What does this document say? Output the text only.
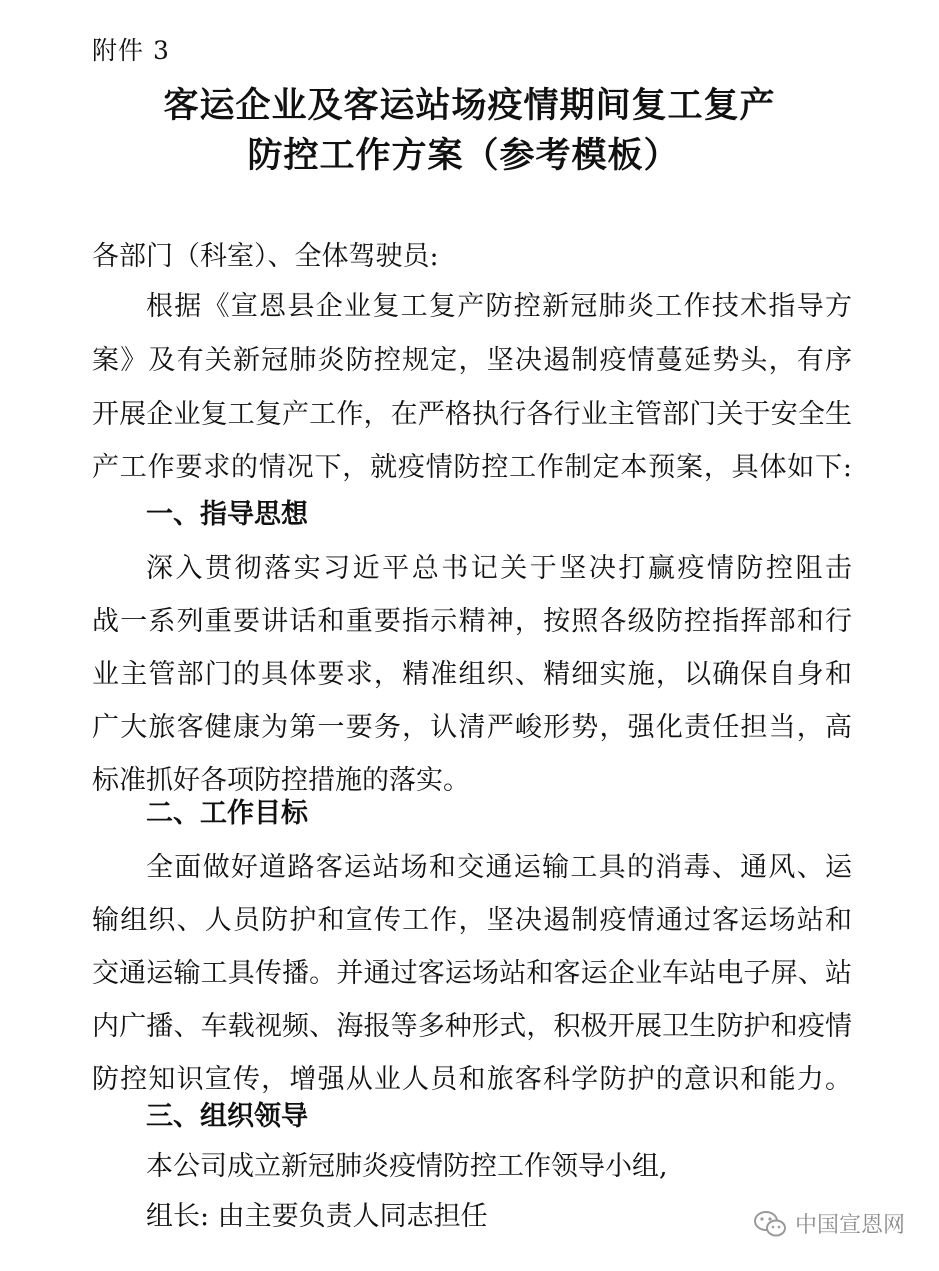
附件 3
客运企业及客运站场疫情期间复工复产
防控工作方案（参考模板）
各部门（科室）、全体驾驶员:
根据《宣恩县企业复工复产防控新冠肺炎工作技术指导方
案》及有关新冠肺炎防控规定，坚决遏制疫情蔓延势头，有序
开展企业复工复产工作，在严格执行各行业主管部门关于安全生
产工作要求的情况下，就疫情防控工作制定本预案，具体如下:
一、指导思想
深入贯彻落实习近平总书记关于坚决打赢疫情防控阻击
战一系列重要讲话和重要指示精神，按照各级防控指挥部和行
业主管部门的具体要求，精准组织、精细实施，以确保自身和
广大旅客健康为第一要务，认清严峻形势，强化责任担当，高
标准抓好各项防控措施的落实。
二、工作目标
全面做好道路客运站场和交通运输工具的消毒、通风、运
输组织、人员防护和宣传工作，坚决遏制疫情通过客运场站和
交通运输工具传播。并通过客运场站和客运企业车站电子屏、站
内广播、车载视频、海报等多种形式，积极开展卫生防护和疫情
防控知识宣传，增强从业人员和旅客科学防护的意识和能力。
三、组织领导
本公司成立新冠肺炎疫情防控工作领导小组,
组长: 由主要负责人同志担任	中国宣恩网
